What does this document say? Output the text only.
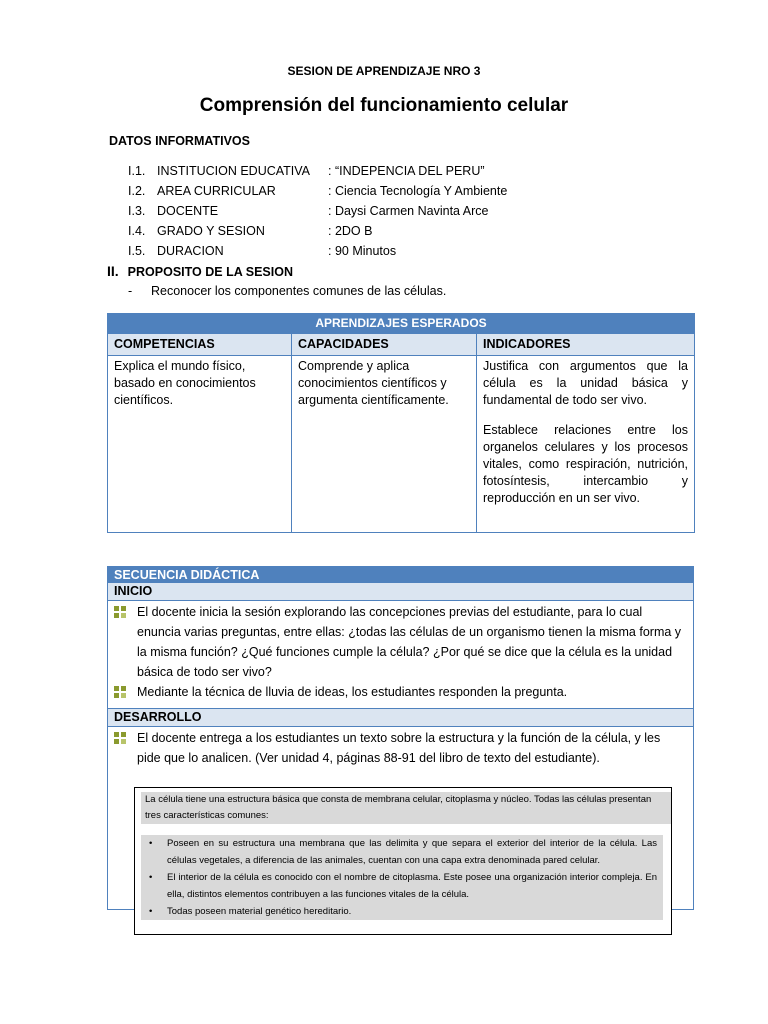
SESION DE APRENDIZAJE NRO 3
Comprensión del funcionamiento celular
DATOS INFORMATIVOS
I.1. INSTITUCION EDUCATIVA : “INDEPENCIA DEL PERU”
I.2. AREA CURRICULAR	: Ciencia Tecnología Y Ambiente
I.3. DOCENTE	: Daysi Carmen Navinta Arce
I.4. GRADO Y SESION	: 2DO B
I.5. DURACION	: 90 Minutos
II. PROPOSITO DE LA SESION
- Reconocer los componentes comunes de las células.
APRENDIZAJES ESPERADOS		
COMPETENCIAS	CAPACIDADES	INDICADORES
Explica el mundo físico, basado en conocimientos científicos.	Comprende y aplica conocimientos científicos y argumenta científicamente.	Justifica con argumentos que la célula es la unidad básica y fundamental de todo ser vivo.

Establece relaciones entre los organelos celulares y los procesos vitales, como respiración, nutrición, fotosíntesis, intercambio y reproducción en un ser vivo.

SECUENCIA DIDÁCTICA
INICIO
El docente inicia la sesión explorando las concepciones previas del estudiante, para lo cual enuncia varias preguntas, entre ellas: ¿todas las células de un organismo tienen la misma forma y la misma función? ¿Qué funciones cumple la célula? ¿Por qué se dice que la célula es la unidad básica de todo ser vivo?
Mediante la técnica de lluvia de ideas, los estudiantes responden la pregunta.
DESARROLLO
El docente entrega a los estudiantes un texto sobre la estructura y la función de la célula, y les pide que lo analicen. (Ver unidad 4, páginas 88-91 del libro de texto del estudiante).
La célula tiene una estructura básica que consta de membrana celular, citoplasma y núcleo. Todas las células presentan tres características comunes:
• Poseen en su estructura una membrana que las delimita y que separa el exterior del interior de la célula. Las células vegetales, a diferencia de las animales, cuentan con una capa extra denominada pared celular.
• El interior de la célula es conocido con el nombre de citoplasma. Este posee una organización interior compleja. En ella, distintos elementos contribuyen a las funciones vitales de la célula.
• Todas poseen material genético hereditario.
